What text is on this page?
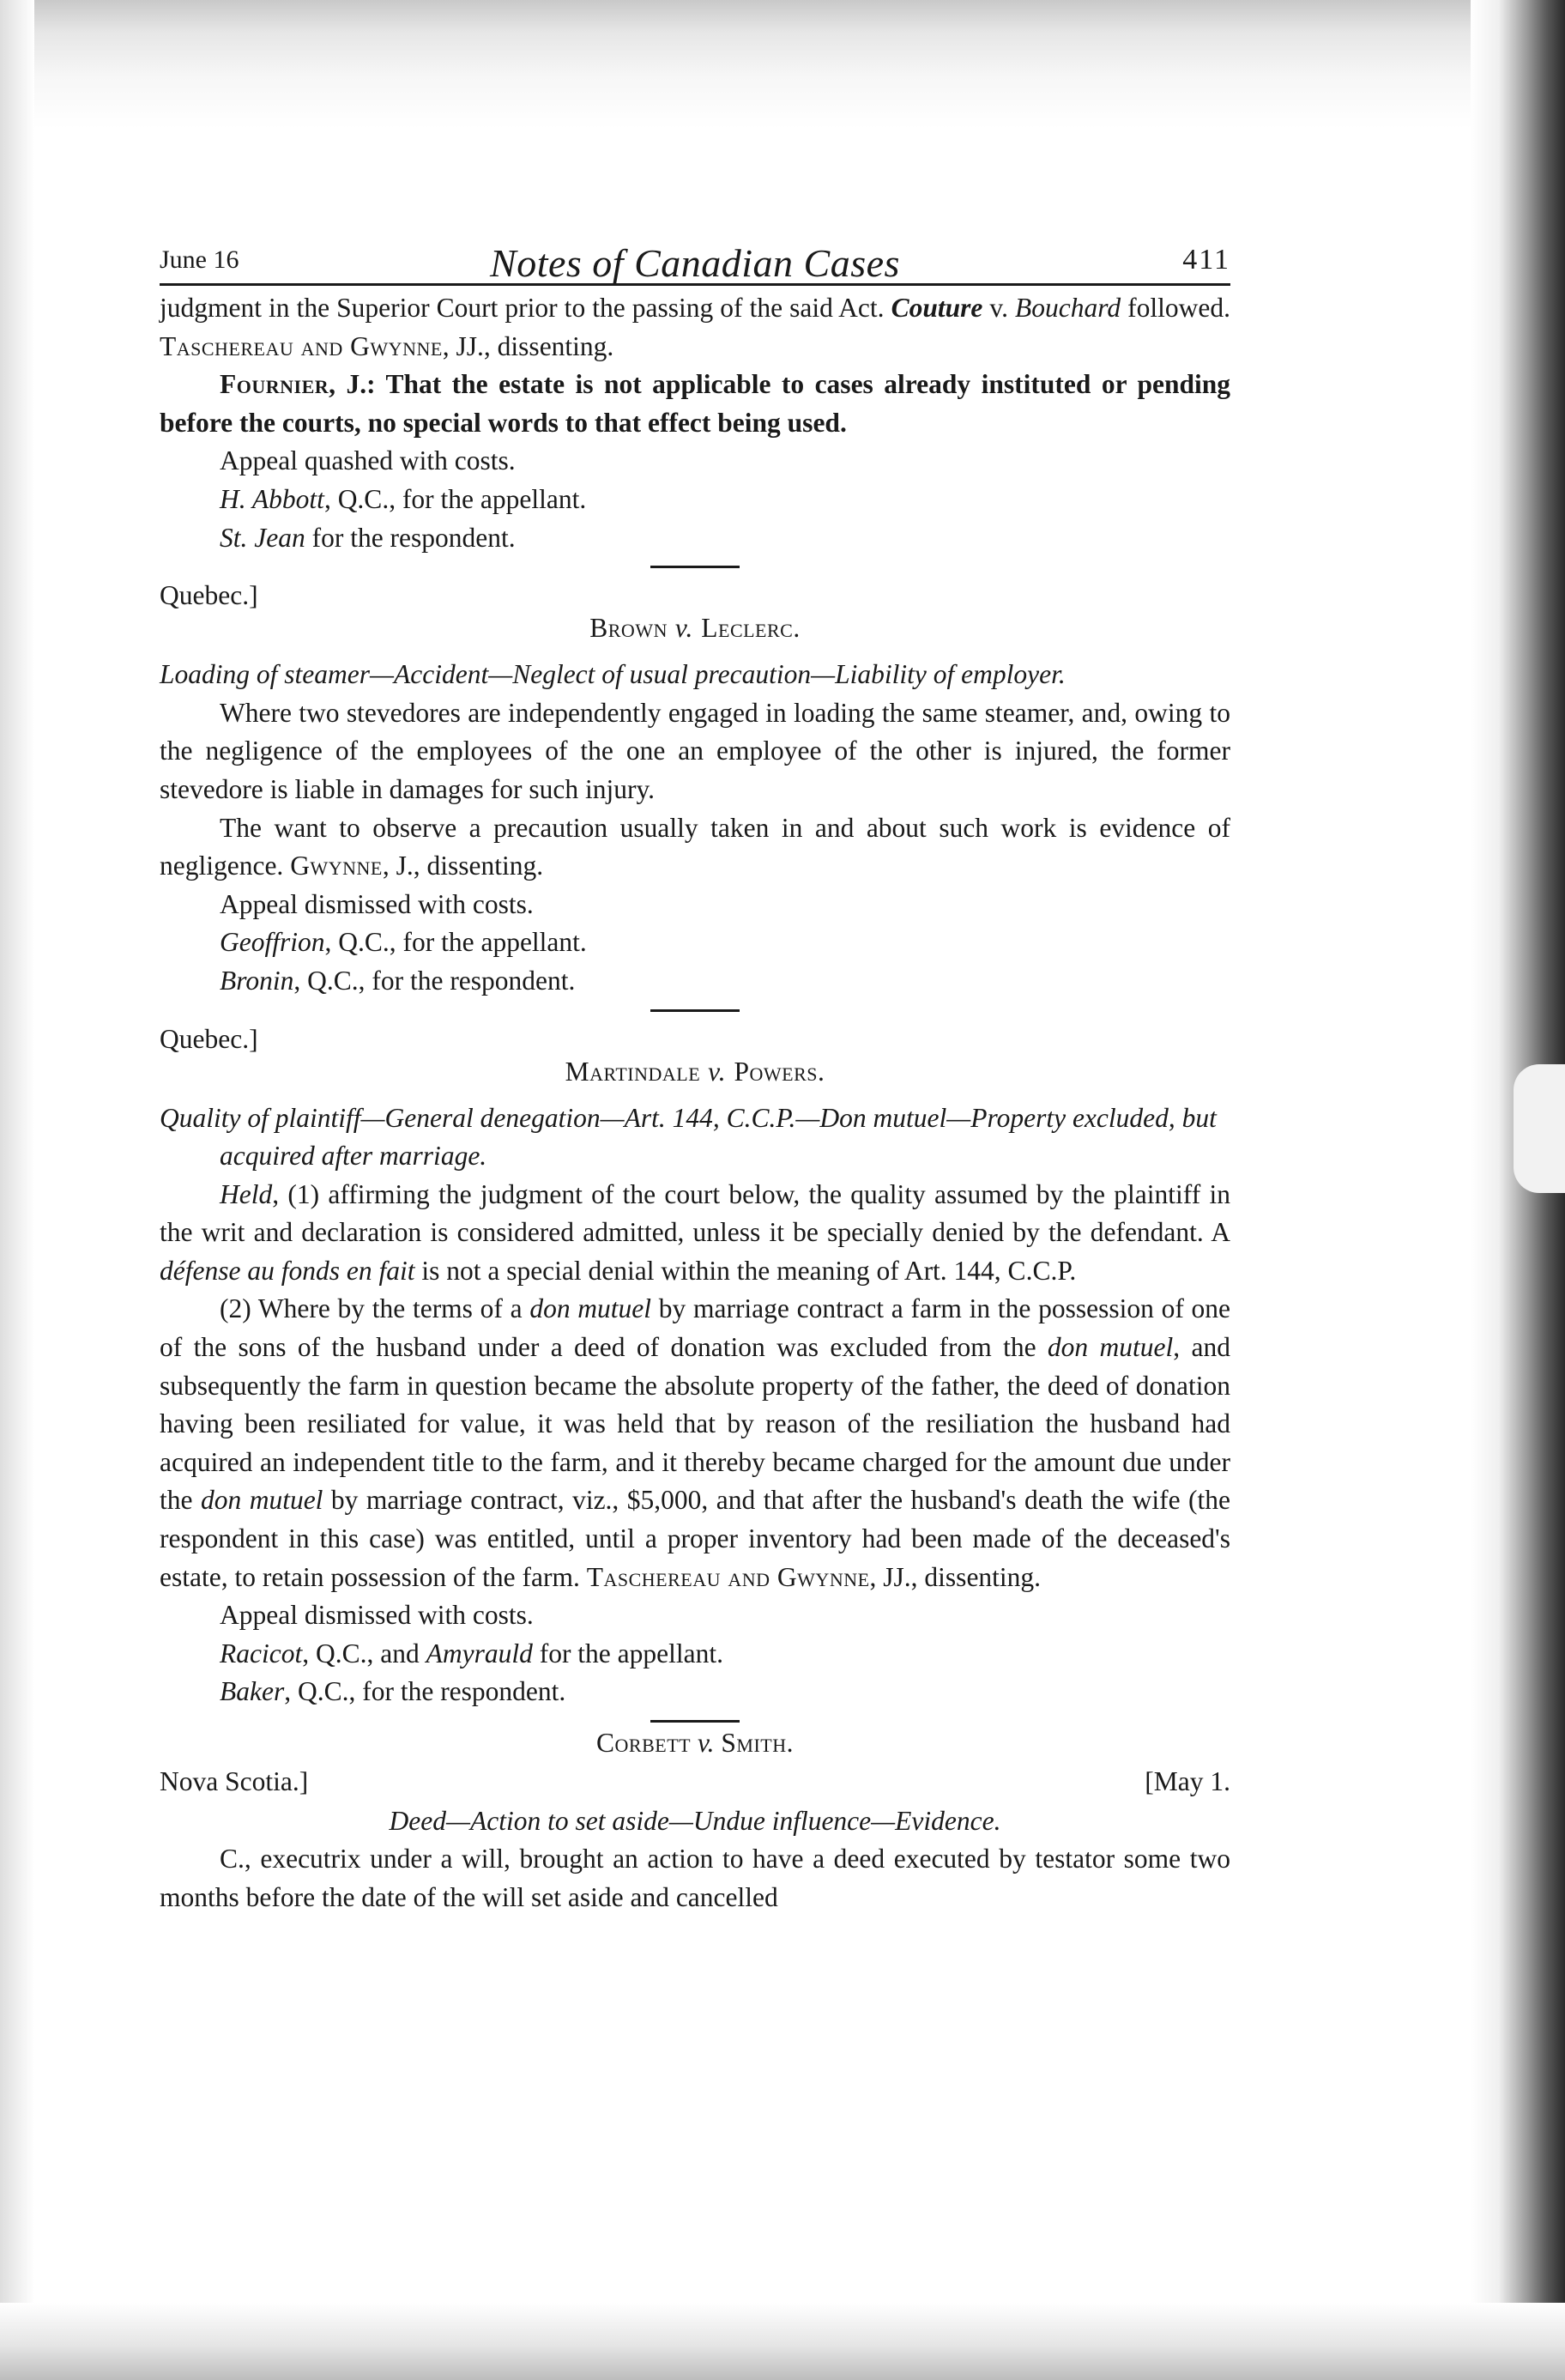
June 16	Notes of Canadian Cases	411

judgment in the Superior Court prior to the passing of the said Act. Couture v. Bouchard followed. Taschereau and Gwynne, JJ., dissenting.

Fournier, J.: That the estate is not applicable to cases already instituted or pending before the courts, no special words to that effect being used.

Appeal quashed with costs.

H. Abbott, Q.C., for the appellant.

St. Jean for the respondent.

Quebec.]
Brown v. Leclerc.

Loading of steamer—Accident—Neglect of usual precaution—Liability of employer.

Where two stevedores are independently engaged in loading the same steamer, and, owing to the negligence of the employees of the one an employee of the other is injured, the former stevedore is liable in damages for such injury.

The want to observe a precaution usually taken in and about such work is evidence of negligence. Gwynne, J., dissenting.

Appeal dismissed with costs.

Geoffrion, Q.C., for the appellant.

Bronin, Q.C., for the respondent.

Quebec.]
Martindale v. Powers.

Quality of plaintiff—General denegation—Art. 144, C.C.P.—Don mutuel—Property excluded, but acquired after marriage.

Held, (1) affirming the judgment of the court below, the quality assumed by the plaintiff in the writ and declaration is considered admitted, unless it be specially denied by the defendant. A défense au fonds en fait is not a special denial within the meaning of Art. 144, C.C.P.

(2) Where by the terms of a don mutuel by marriage contract a farm in the possession of one of the sons of the husband under a deed of donation was excluded from the don mutuel, and subsequently the farm in question became the absolute property of the father, the deed of donation having been resiliated for value, it was held that by reason of the resiliation the husband had acquired an independent title to the farm, and it thereby became charged for the amount due under the don mutuel by marriage contract, viz., $5,000, and that after the husband's death the wife (the respondent in this case) was entitled, until a proper inventory had been made of the deceased's estate, to retain possession of the farm. Taschereau and Gwynne, JJ., dissenting.

Appeal dismissed with costs.

Racicot, Q.C., and Amyrauld for the appellant.

Baker, Q.C., for the respondent.

Corbett v. Smith.
Nova Scotia.]	[May 1.

Deed—Action to set aside—Undue influence—Evidence.

C., executrix under a will, brought an action to have a deed executed by testator some two months before the date of the will set aside and cancelled
